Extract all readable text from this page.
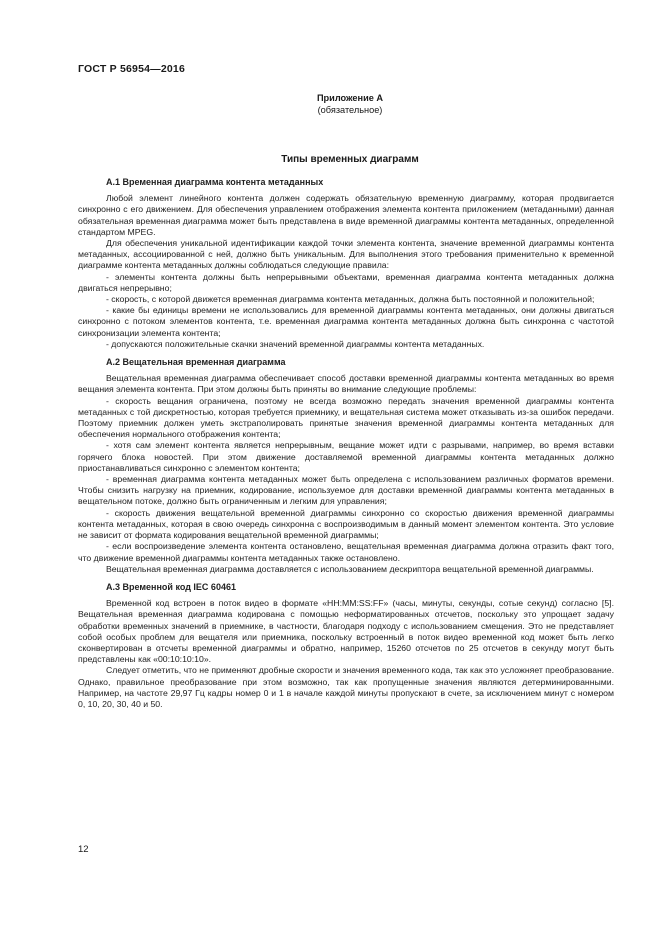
ГОСТ Р 56954—2016
Приложение А
(обязательное)
Типы временных диаграмм
А.1 Временная диаграмма контента метаданных

Любой элемент линейного контента должен содержать обязательную временную диаграмму, которая продвигается синхронно с его движением. Для обеспечения управлением отображения элемента контента приложением (метаданными) данная обязательная временная диаграмма может быть представлена в виде временной диаграммы контента метаданных, определенной стандартом MPEG.

Для обеспечения уникальной идентификации каждой точки элемента контента, значение временной диаграммы контента метаданных, ассоциированной с ней, должно быть уникальным. Для выполнения этого требования применительно к временной диаграмме контента метаданных должны соблюдаться следующие правила:

- элементы контента должны быть непрерывными объектами, временная диаграмма контента метаданных должна двигаться непрерывно;

- скорость, с которой движется временная диаграмма контента метаданных, должна быть постоянной и положительной;

- какие бы единицы времени не использовались для временной диаграммы контента метаданных, они должны двигаться синхронно с потоком элементов контента, т.е. временная диаграмма контента метаданных должна быть синхронна с частотой синхронизации элемента контента;

- допускаются положительные скачки значений временной диаграммы контента метаданных.

А.2 Вещательная временная диаграмма

Вещательная временная диаграмма обеспечивает способ доставки временной диаграммы контента метаданных во время вещания элемента контента. При этом должны быть приняты во внимание следующие проблемы:

- скорость вещания ограничена, поэтому не всегда возможно передать значения временной диаграммы контента метаданных с той дискретностью, которая требуется приемнику, и вещательная система может отказывать из-за ошибок передачи. Поэтому приемник должен уметь экстраполировать принятые значения временной диаграммы контента метаданных для обеспечения нормального отображения контента;

- хотя сам элемент контента является непрерывным, вещание может идти с разрывами, например, во время вставки горячего блока новостей. При этом движение доставляемой временной диаграммы контента метаданных должно приостанавливаться синхронно с элементом контента;

- временная диаграмма контента метаданных может быть определена с использованием различных форматов времени. Чтобы снизить нагрузку на приемник, кодирование, используемое для доставки временной диаграммы контента метаданных в вещательном потоке, должно быть ограниченным и легким для управления;

- скорость движения вещательной временной диаграммы синхронно со скоростью движения временной диаграммы контента метаданных, которая в свою очередь синхронна с воспроизводимым в данный момент элементом контента. Это условие не зависит от формата кодирования вещательной временной диаграммы;

- если воспроизведение элемента контента остановлено, вещательная временная диаграмма должна отразить факт того, что движение временной диаграммы контента метаданных также остановлено.

Вещательная временная диаграмма доставляется с использованием дескриптора вещательной временной диаграммы.

А.3 Временной код IEC 60461

Временной код встроен в поток видео в формате «HH:MM:SS:FF» (часы, минуты, секунды, сотые секунд) согласно [5]. Вещательная временная диаграмма кодирована с помощью неформатированных отсчетов, поскольку это упрощает задачу обработки временных значений в приемнике, в частности, благодаря подходу с использованием смещения. Это не представляет собой особых проблем для вещателя или приемника, поскольку встроенный в поток видео временной код может быть легко сконвертирован в отсчеты временной диаграммы и обратно, например, 15260 отсчетов по 25 отсчетов в секунду могут быть представлены как «00:10:10:10».

Следует отметить, что не применяют дробные скорости и значения временного кода, так как это усложняет преобразование. Однако, правильное преобразование при этом возможно, так как пропущенные значения являются детерминированными. Например, на частоте 29,97 Гц кадры номер 0 и 1 в начале каждой минуты пропускают в счете, за исключением минут с номером 0, 10, 20, 30, 40 и 50.

12
